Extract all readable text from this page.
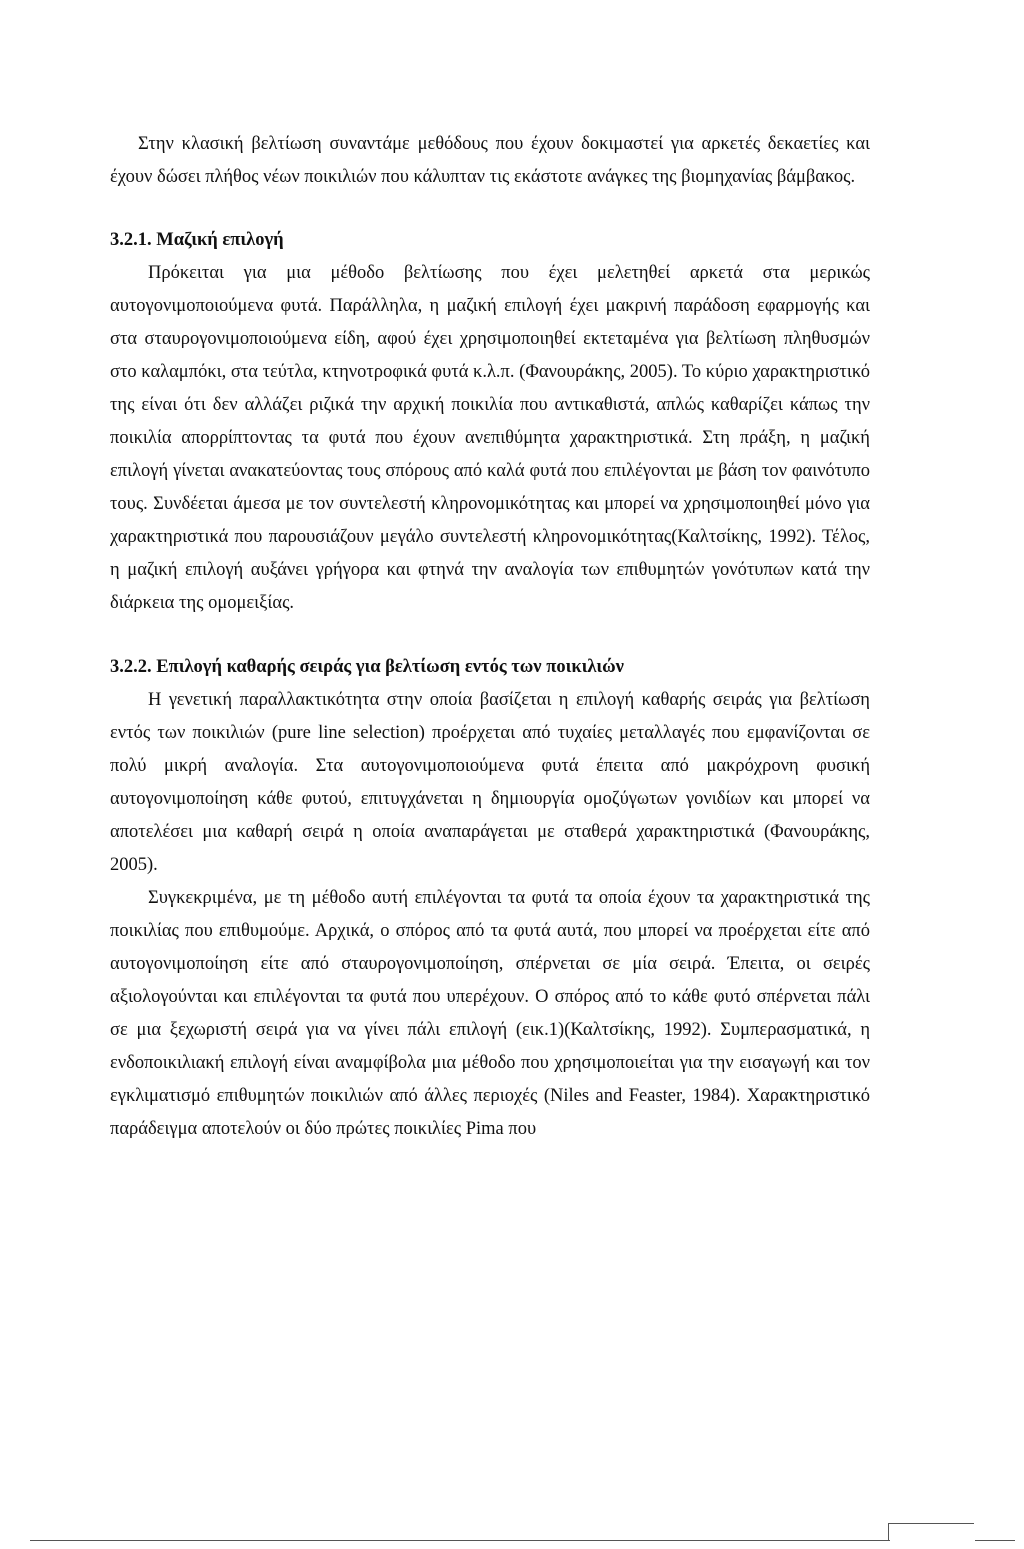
Στην κλασική βελτίωση συναντάμε μεθόδους που έχουν δοκιμαστεί για αρκετές δεκαετίες και έχουν δώσει πλήθος νέων ποικιλιών που κάλυπταν τις εκάστοτε ανάγκες της βιομηχανίας βάμβακος.

3.2.1. Μαζική επιλογή

Πρόκειται για μια μέθοδο βελτίωσης που έχει μελετηθεί αρκετά στα μερικώς αυτογονιμοποιούμενα φυτά. Παράλληλα, η μαζική επιλογή έχει μακρινή παράδοση εφαρμογής και στα σταυρογονιμοποιούμενα είδη, αφού έχει χρησιμοποιηθεί εκτεταμένα για βελτίωση πληθυσμών στο καλαμπόκι, στα τεύτλα, κτηνοτροφικά φυτά κ.λ.π. (Φανουράκης, 2005). Το κύριο χαρακτηριστικό της είναι ότι δεν αλλάζει ριζικά την αρχική ποικιλία που αντικαθιστά, απλώς καθαρίζει κάπως την ποικιλία απορρίπτοντας τα φυτά που έχουν ανεπιθύμητα χαρακτηριστικά. Στη πράξη, η μαζική επιλογή γίνεται ανακατεύοντας τους σπόρους από καλά φυτά που επιλέγονται με βάση τον φαινότυπο τους. Συνδέεται άμεσα με τον συντελεστή κληρονομικότητας και μπορεί να χρησιμοποιηθεί μόνο για χαρακτηριστικά που παρουσιάζουν μεγάλο συντελεστή κληρονομικότητας(Καλτσίκης, 1992). Τέλος, η μαζική επιλογή αυξάνει γρήγορα και φτηνά την αναλογία των επιθυμητών γονότυπων κατά την διάρκεια της ομομειξίας.

3.2.2. Επιλογή καθαρής σειράς για βελτίωση εντός των ποικιλιών

Η γενετική παραλλακτικότητα στην οποία βασίζεται η επιλογή καθαρής σειράς για βελτίωση εντός των ποικιλιών (pure line selection) προέρχεται από τυχαίες μεταλλαγές που εμφανίζονται σε πολύ μικρή αναλογία. Στα αυτογονιμοποιούμενα φυτά έπειτα από μακρόχρονη φυσική αυτογονιμοποίηση κάθε φυτού, επιτυγχάνεται η δημιουργία ομοζύγωτων γονιδίων και μπορεί να αποτελέσει μια καθαρή σειρά η οποία αναπαράγεται με σταθερά χαρακτηριστικά (Φανουράκης, 2005).

Συγκεκριμένα, με τη μέθοδο αυτή επιλέγονται τα φυτά τα οποία έχουν τα χαρακτηριστικά της ποικιλίας που επιθυμούμε. Αρχικά, ο σπόρος από τα φυτά αυτά, που μπορεί να προέρχεται είτε από αυτογονιμοποίηση είτε από σταυρογονιμοποίηση, σπέρνεται σε μία σειρά. Έπειτα, οι σειρές αξιολογούνται και επιλέγονται τα φυτά που υπερέχουν. Ο σπόρος από το κάθε φυτό σπέρνεται πάλι σε μια ξεχωριστή σειρά για να γίνει πάλι επιλογή (εικ.1)(Καλτσίκης, 1992). Συμπερασματικά, η ενδοποικιλιακή επιλογή είναι αναμφίβολα μια μέθοδο που χρησιμοποιείται για την εισαγωγή και τον εγκλιματισμό επιθυμητών ποικιλιών από άλλες περιοχές (Niles and Feaster, 1984). Χαρακτηριστικό παράδειγμα αποτελούν οι δύο πρώτες ποικιλίες Pima που
